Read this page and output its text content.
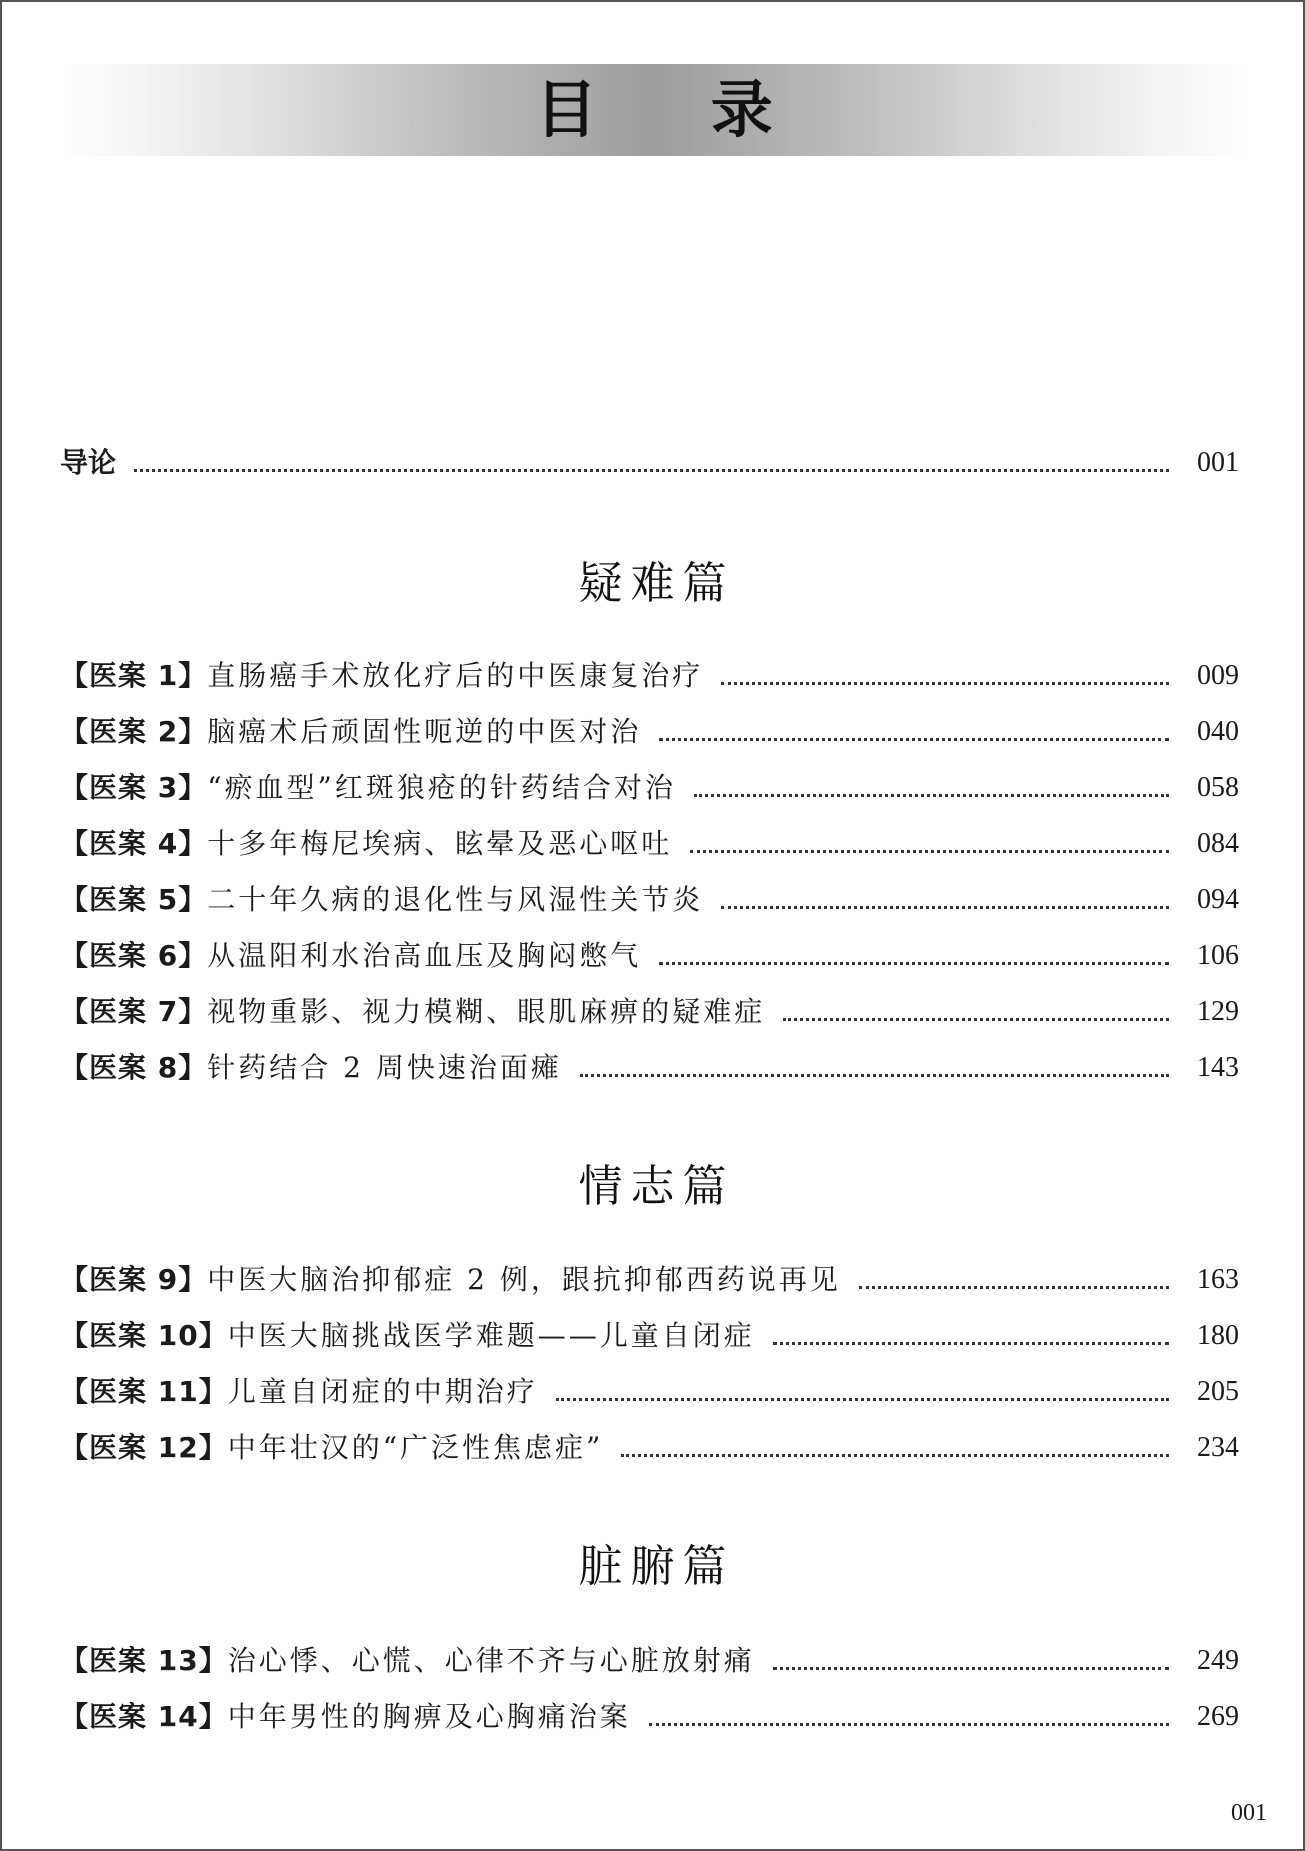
目 录
导论	001
疑难篇
【医案 1】直肠癌手术放化疗后的中医康复治疗	009
【医案 2】脑癌术后顽固性呃逆的中医对治	040
【医案 3】“瘀血型”红斑狼疮的针药结合对治	058
【医案 4】十多年梅尼埃病、眩晕及恶心呕吐	084
【医案 5】二十年久病的退化性与风湿性关节炎	094
【医案 6】从温阳利水治高血压及胸闷憋气	106
【医案 7】视物重影、视力模糊、眼肌麻痹的疑难症	129
【医案 8】针药结合 2 周快速治面瘫	143
情志篇
【医案 9】中医大脑治抑郁症 2 例，跟抗抑郁西药说再见	163
【医案 10】中医大脑挑战医学难题——儿童自闭症	180
【医案 11】儿童自闭症的中期治疗	205
【医案 12】中年壮汉的“广泛性焦虑症”	234
脏腑篇
【医案 13】治心悸、心慌、心律不齐与心脏放射痛	249
【医案 14】中年男性的胸痹及心胸痛治案	269
001
